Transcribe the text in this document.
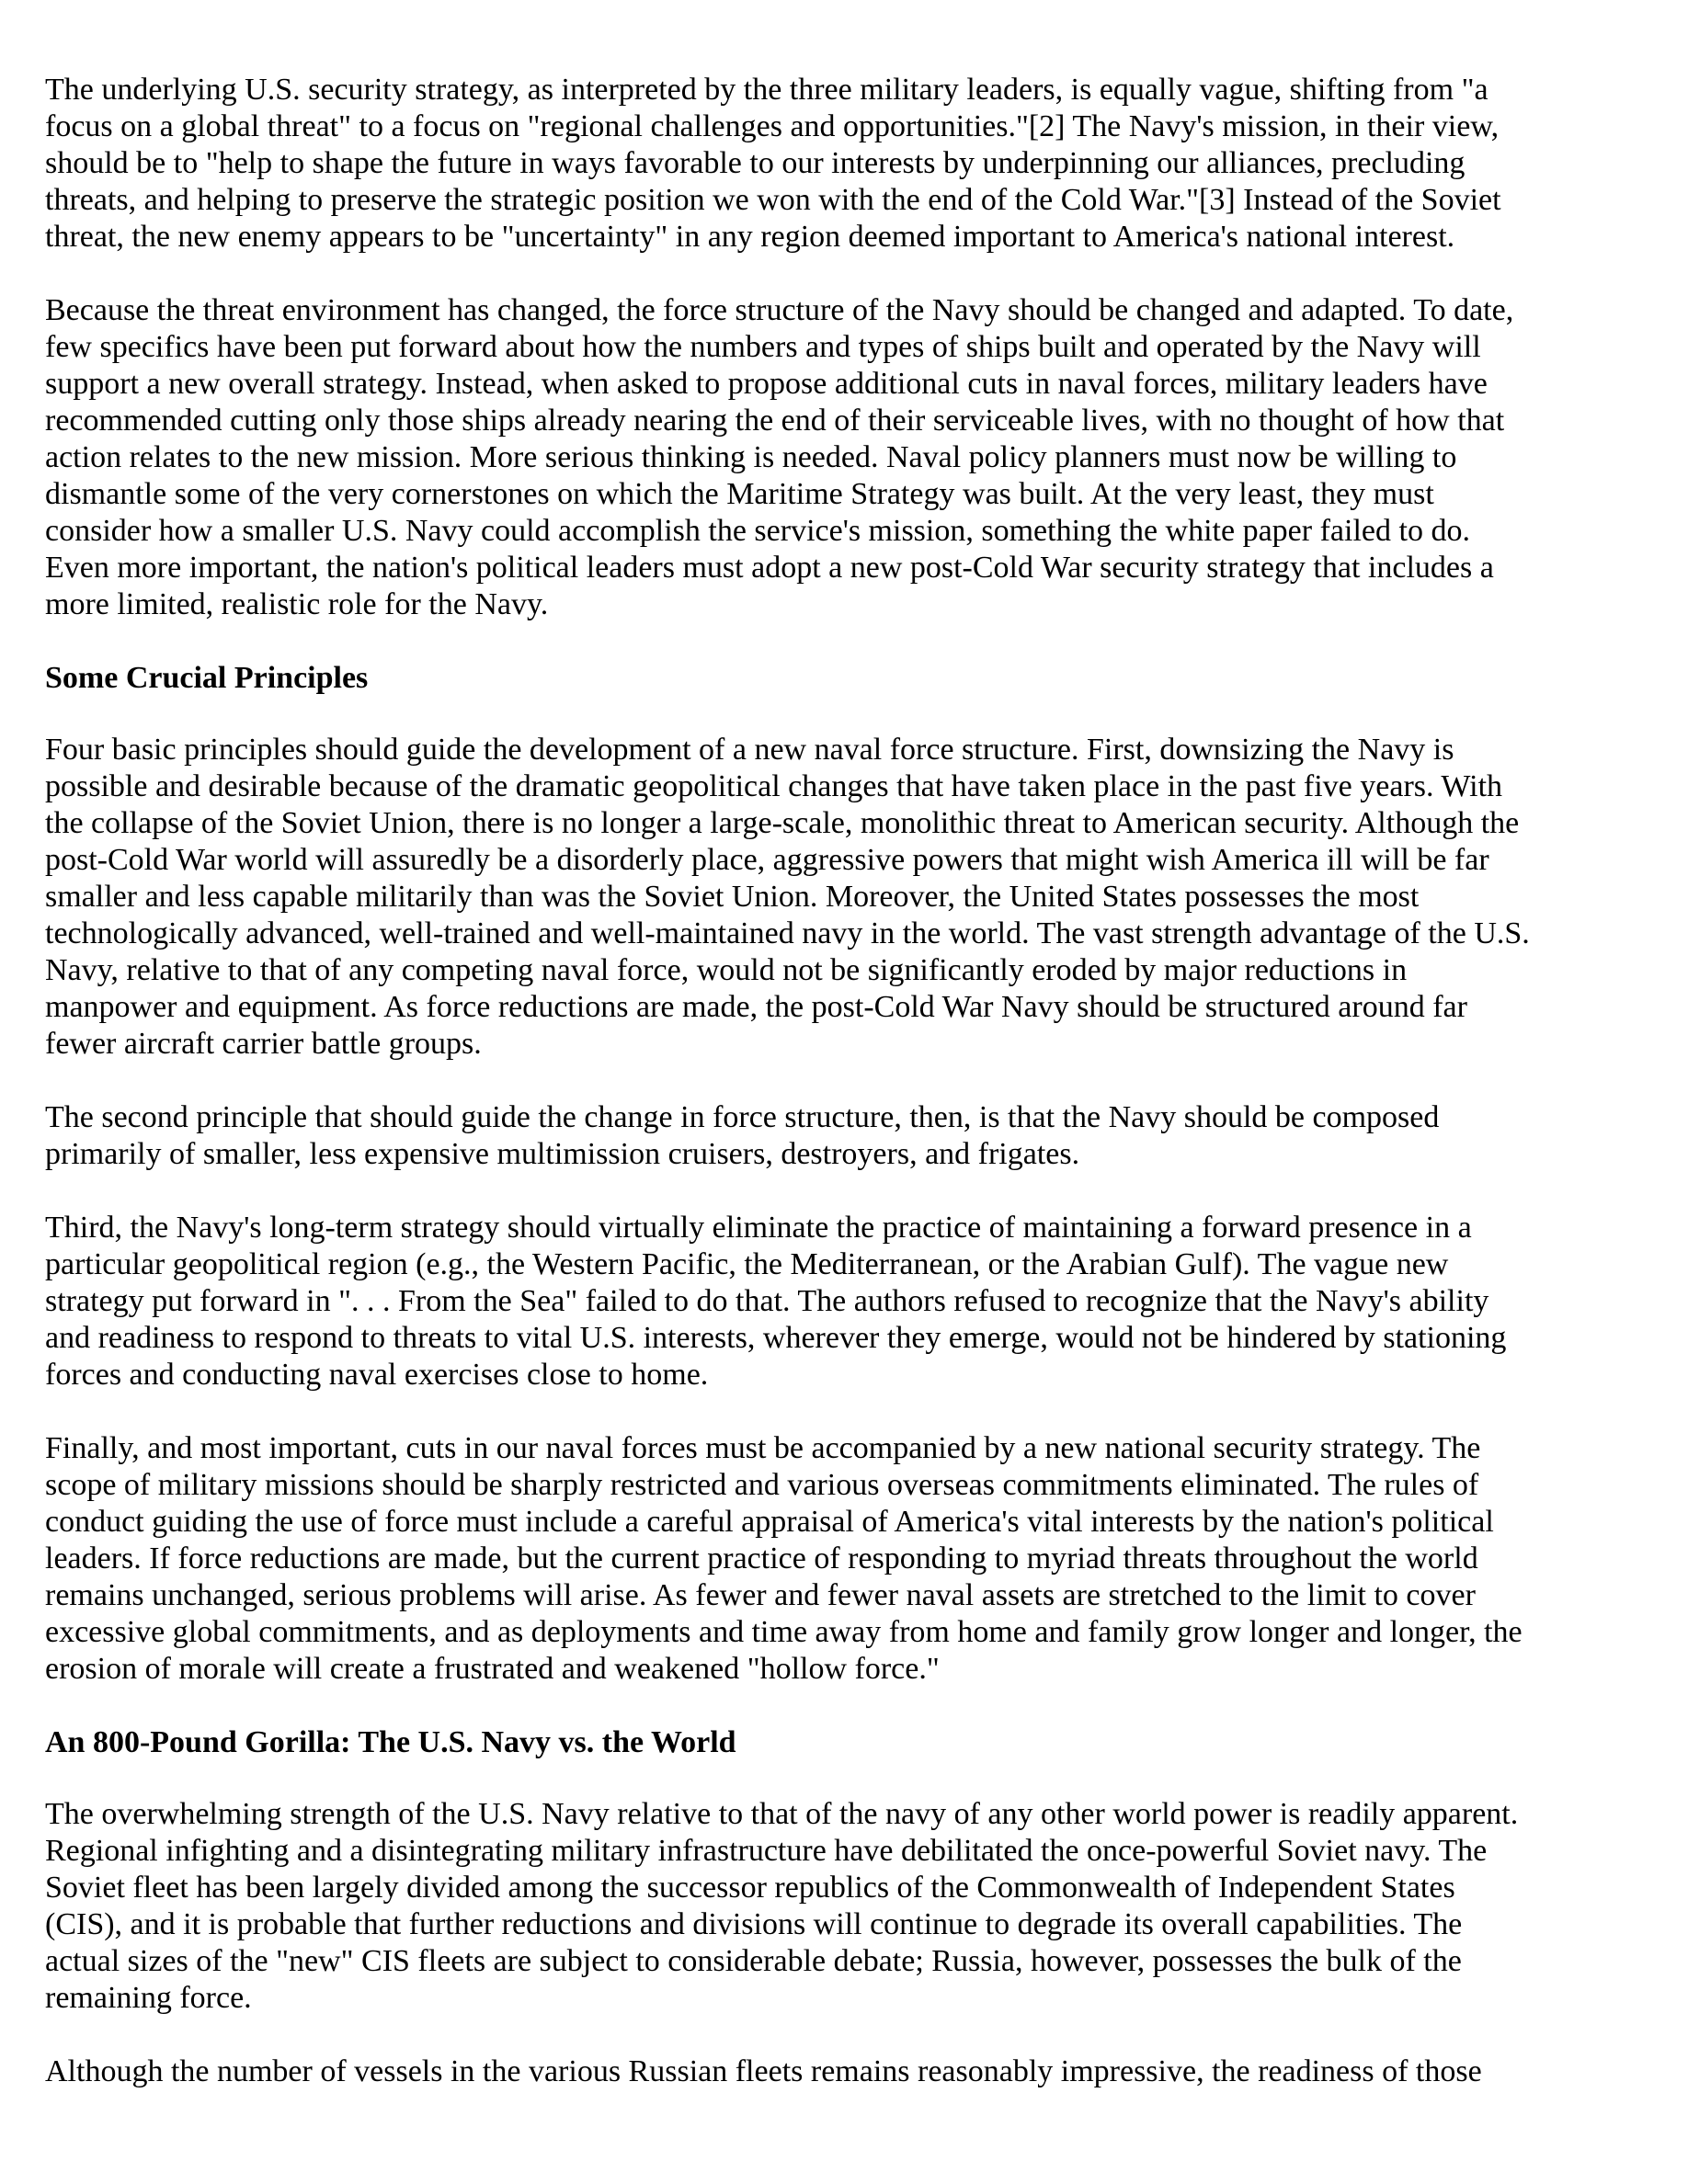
The underlying U.S. security strategy, as interpreted by the three military leaders, is equally vague, shifting from "a
focus on a global threat" to a focus on "regional challenges and opportunities."[2] The Navy's mission, in their view,
should be to "help to shape the future in ways favorable to our interests by underpinning our alliances, precluding
threats, and helping to preserve the strategic position we won with the end of the Cold War."[3] Instead of the Soviet
threat, the new enemy appears to be "uncertainty" in any region deemed important to America's national interest.
Because the threat environment has changed, the force structure of the Navy should be changed and adapted. To date,
few specifics have been put forward about how the numbers and types of ships built and operated by the Navy will
support a new overall strategy. Instead, when asked to propose additional cuts in naval forces, military leaders have
recommended cutting only those ships already nearing the end of their serviceable lives, with no thought of how that
action relates to the new mission. More serious thinking is needed. Naval policy planners must now be willing to
dismantle some of the very cornerstones on which the Maritime Strategy was built. At the very least, they must
consider how a smaller U.S. Navy could accomplish the service's mission, something the white paper failed to do.
Even more important, the nation's political leaders must adopt a new post-Cold War security strategy that includes a
more limited, realistic role for the Navy.
Some Crucial Principles
Four basic principles should guide the development of a new naval force structure. First, downsizing the Navy is
possible and desirable because of the dramatic geopolitical changes that have taken place in the past five years. With
the collapse of the Soviet Union, there is no longer a large-scale, monolithic threat to American security. Although the
post-Cold War world will assuredly be a disorderly place, aggressive powers that might wish America ill will be far
smaller and less capable militarily than was the Soviet Union. Moreover, the United States possesses the most
technologically advanced, well-trained and well-maintained navy in the world. The vast strength advantage of the U.S.
Navy, relative to that of any competing naval force, would not be significantly eroded by major reductions in
manpower and equipment. As force reductions are made, the post-Cold War Navy should be structured around far
fewer aircraft carrier battle groups.
The second principle that should guide the change in force structure, then, is that the Navy should be composed
primarily of smaller, less expensive multimission cruisers, destroyers, and frigates.
Third, the Navy's long-term strategy should virtually eliminate the practice of maintaining a forward presence in a
particular geopolitical region (e.g., the Western Pacific, the Mediterranean, or the Arabian Gulf). The vague new
strategy put forward in ". . . From the Sea" failed to do that. The authors refused to recognize that the Navy's ability
and readiness to respond to threats to vital U.S. interests, wherever they emerge, would not be hindered by stationing
forces and conducting naval exercises close to home.
Finally, and most important, cuts in our naval forces must be accompanied by a new national security strategy. The
scope of military missions should be sharply restricted and various overseas commitments eliminated. The rules of
conduct guiding the use of force must include a careful appraisal of America's vital interests by the nation's political
leaders. If force reductions are made, but the current practice of responding to myriad threats throughout the world
remains unchanged, serious problems will arise. As fewer and fewer naval assets are stretched to the limit to cover
excessive global commitments, and as deployments and time away from home and family grow longer and longer, the
erosion of morale will create a frustrated and weakened "hollow force."
An 800-Pound Gorilla: The U.S. Navy vs. the World
The overwhelming strength of the U.S. Navy relative to that of the navy of any other world power is readily apparent.
Regional infighting and a disintegrating military infrastructure have debilitated the once-powerful Soviet navy. The
Soviet fleet has been largely divided among the successor republics of the Commonwealth of Independent States
(CIS), and it is probable that further reductions and divisions will continue to degrade its overall capabilities. The
actual sizes of the "new" CIS fleets are subject to considerable debate; Russia, however, possesses the bulk of the
remaining force.
Although the number of vessels in the various Russian fleets remains reasonably impressive, the readiness of those
